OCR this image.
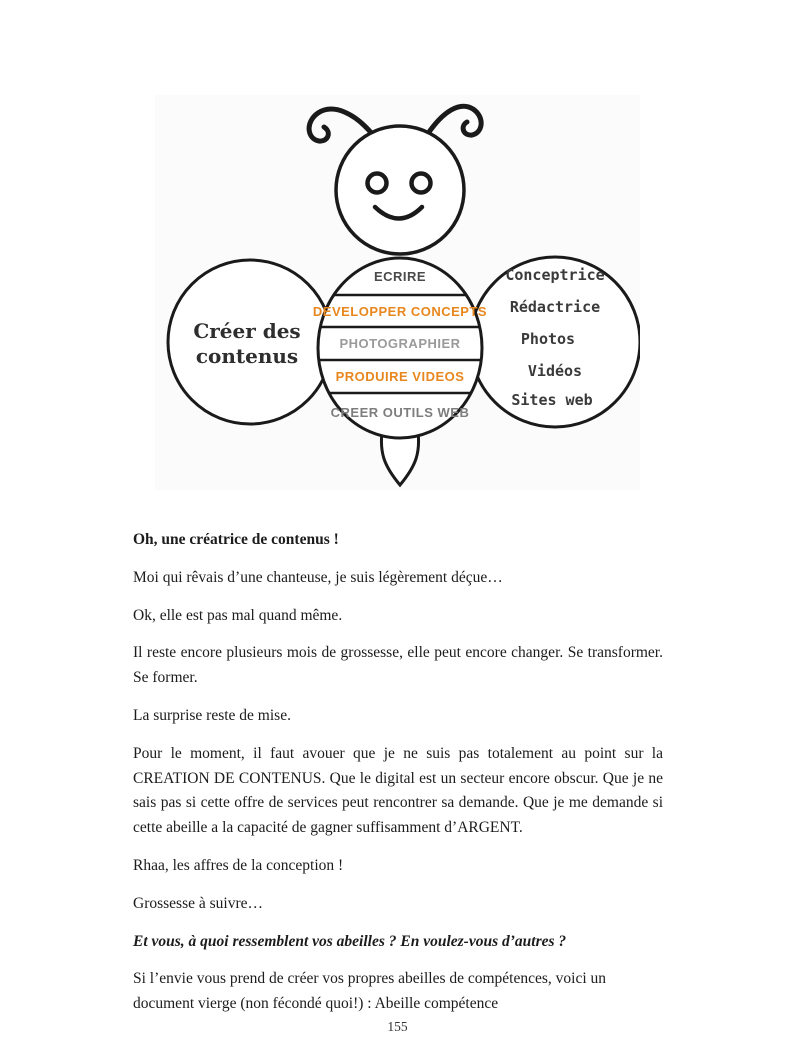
ECRIRE
DEVELOPPER CONCEPTS
PHOTOGRAPHIER
PRODUIRE VIDEOS
CREER OUTILS WEB
Créer des
contenus
Conceptrice
Rédactrice
Photos
Vidéos
Sites web

Oh, une créatrice de contenus !

Moi qui rêvais d’une chanteuse, je suis légèrement déçue…

Ok, elle est pas mal quand même.

Il reste encore plusieurs mois de grossesse, elle peut encore changer. Se transformer. Se former.

La surprise reste de mise.

Pour le moment, il faut avouer que je ne suis pas totalement au point sur la CREATION DE CONTENUS. Que le digital est un secteur encore obscur. Que je ne sais pas si cette offre de services peut rencontrer sa demande. Que je me demande si cette abeille a la capacité de gagner suffisamment d’ARGENT.

Rhaa, les affres de la conception !

Grossesse à suivre…

Et vous, à quoi ressemblent vos abeilles ? En voulez-vous d’autres ?

Si l’envie vous prend de créer vos propres abeilles de compétences, voici un document vierge (non fécondé quoi!) : Abeille compétence

155
